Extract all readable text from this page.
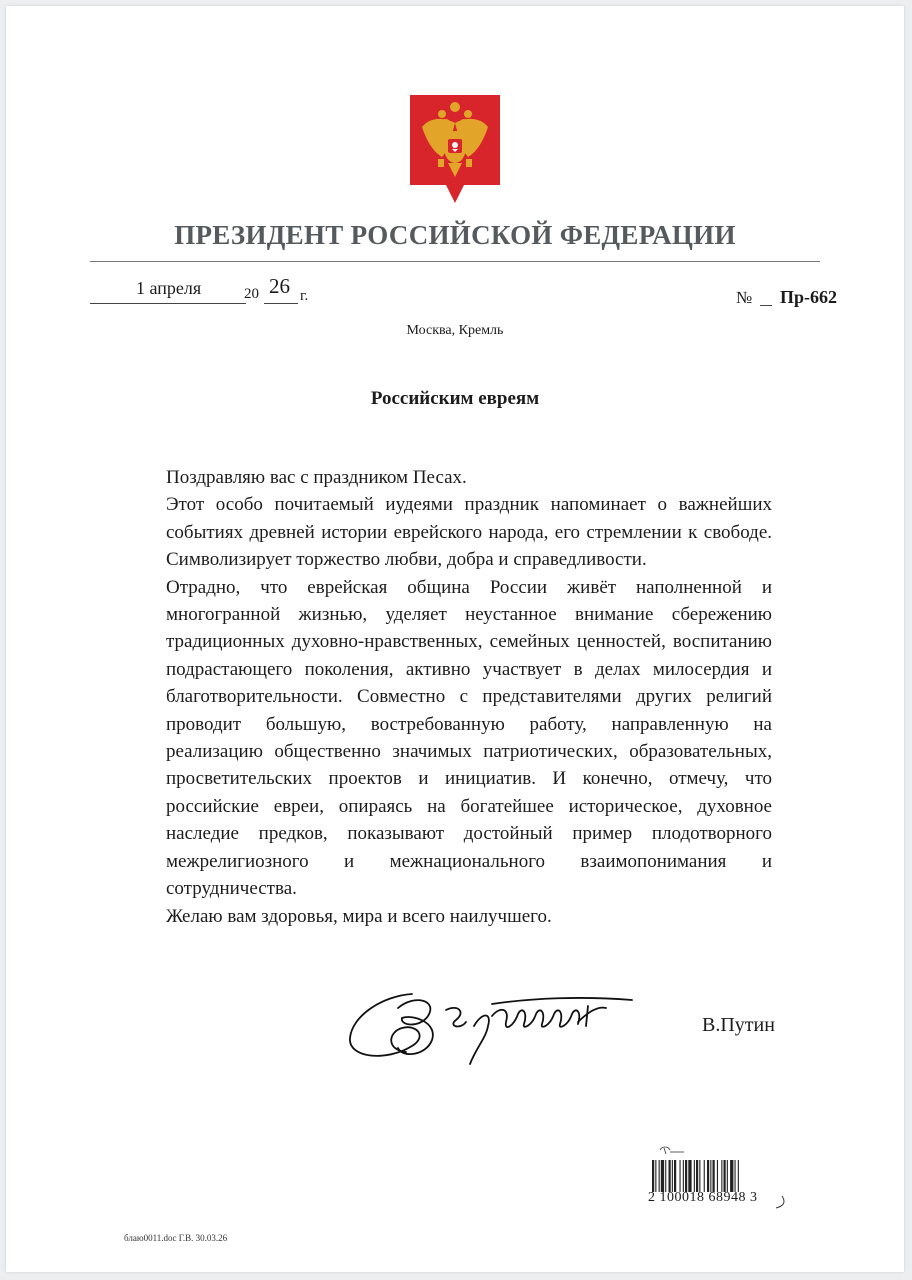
ПРЕЗИДЕНТ РОССИЙСКОЙ ФЕДЕРАЦИИ
1 апреля	20 26 г.	№ Пр-662
Москва, Кремль
Российским евреям

Поздравляю вас с праздником Песах.

Этот особо почитаемый иудеями праздник напоминает о важнейших событиях древней истории еврейского народа, его стремлении к свободе. Символизирует торжество любви, добра и справедливости.

Отрадно, что еврейская община России живёт наполненной и многогранной жизнью, уделяет неустанное внимание сбережению традиционных духовно-нравственных, семейных ценностей, воспитанию подрастающего поколения, активно участвует в делах милосердия и благотворительности. Совместно с представителями других религий проводит большую, востребованную работу, направленную на реализацию общественно значимых патриотических, образовательных, просветительских проектов и инициатив. И конечно, отмечу, что российские евреи, опираясь на богатейшее историческое, духовное наследие предков, показывают достойный пример плодотворного межрелигиозного и межнационального взаимопонимания и сотрудничества.

Желаю вам здоровья, мира и всего наилучшего.

В.Путин
2 100018 68948 3
блаю0011.doc Г.В. 30.03.26
